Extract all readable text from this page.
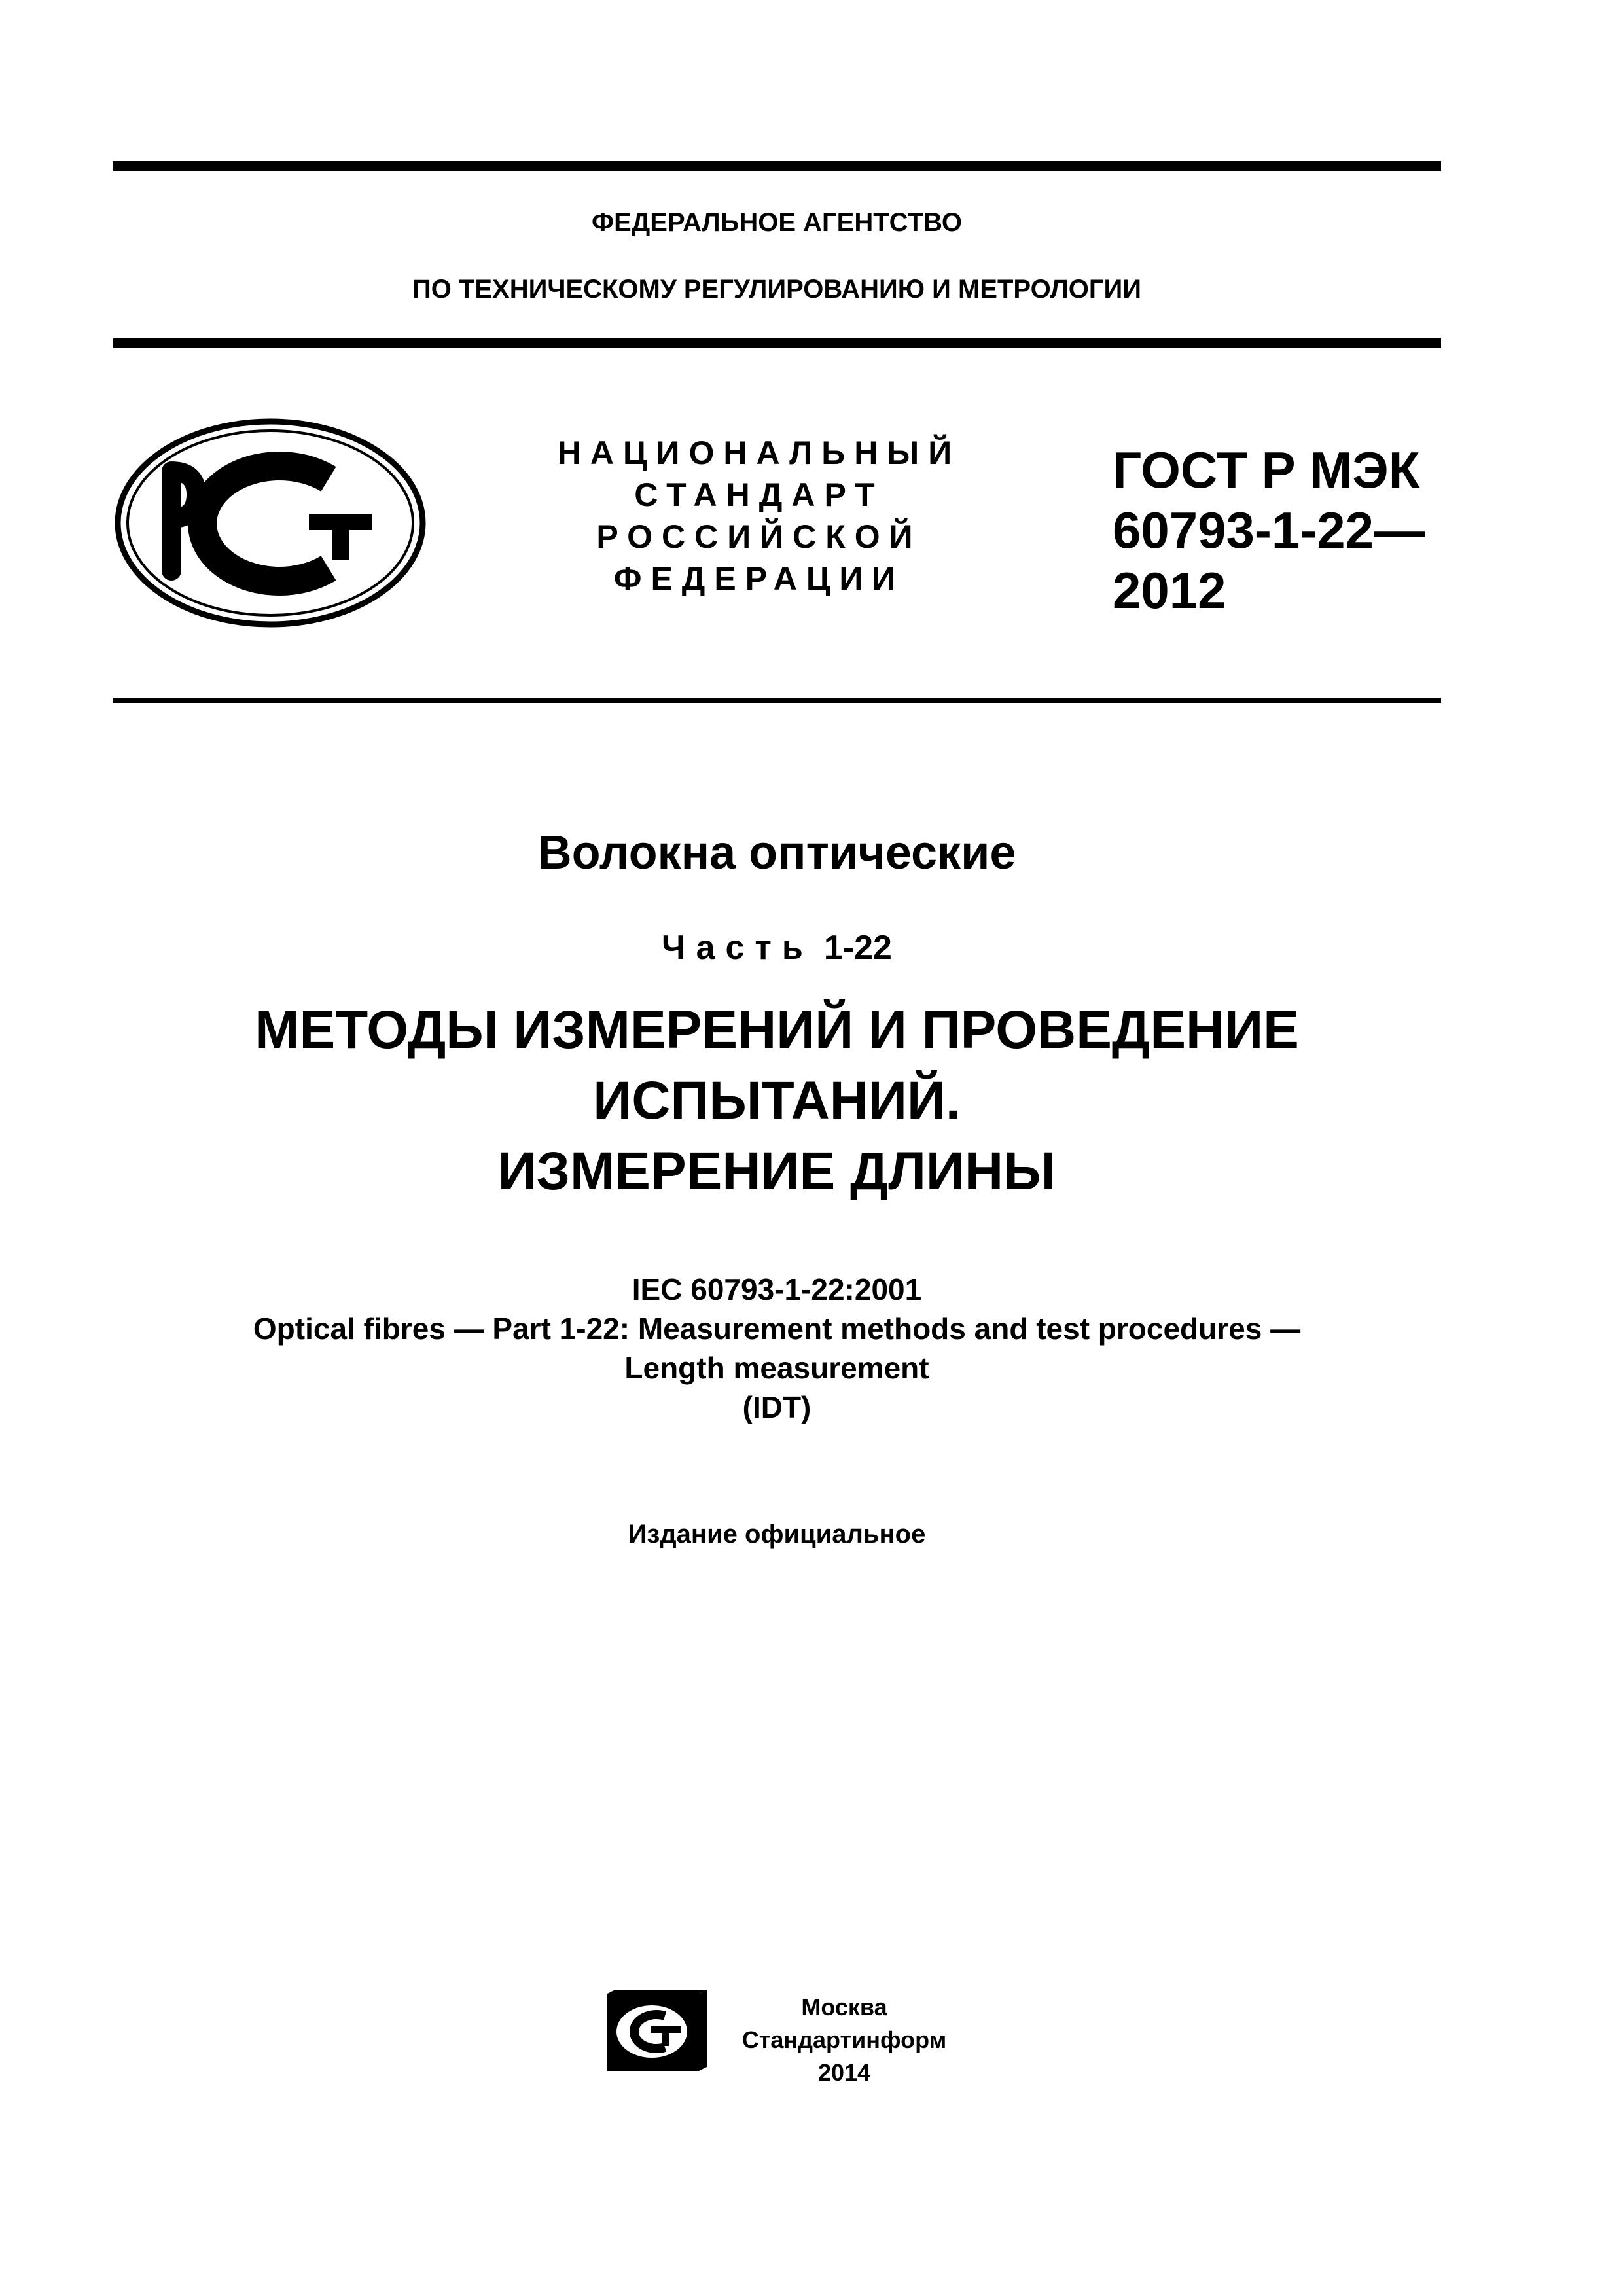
ФЕДЕРАЛЬНОЕ АГЕНТСТВО
ПО ТЕХНИЧЕСКОМУ РЕГУЛИРОВАНИЮ И МЕТРОЛОГИИ
НАЦИОНАЛЬНЫЙ
СТАНДАРТ
РОССИЙСКОЙ
ФЕДЕРАЦИИ
ГОСТ Р МЭК
60793-1-22—
2012
Волокна оптические
Часть 1-22
МЕТОДЫ ИЗМЕРЕНИЙ И ПРОВЕДЕНИЕ
ИСПЫТАНИЙ.
ИЗМЕРЕНИЕ ДЛИНЫ
IEC 60793-1-22:2001
Optical fibres — Part 1-22: Measurement methods and test procedures —
Length measurement
(IDT)
Издание официальное
Москва
Стандартинформ
2014
